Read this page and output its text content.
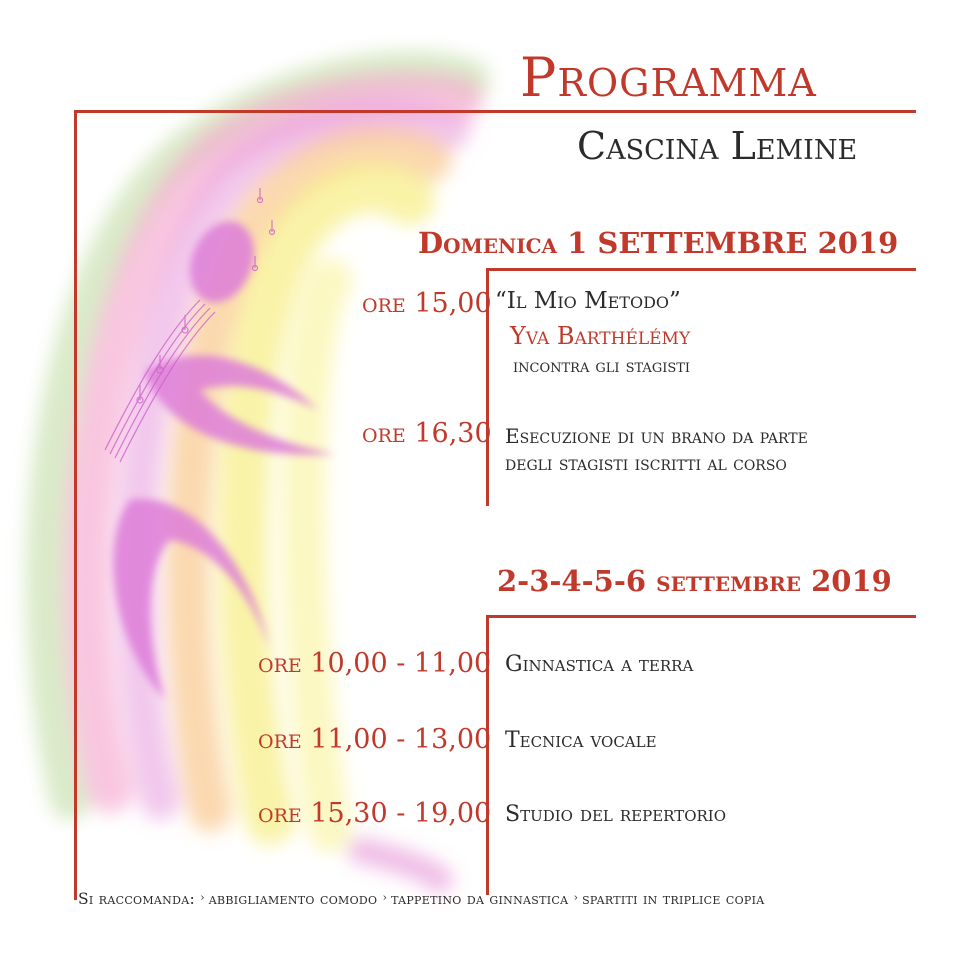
Programma
Cascina Lemine
Domenica 1 SETTEMBRE 2019
ore 15,00 “Il Mio Metodo”
Yva Barthélémy
incontra gli stagisti
ore 16,30 Esecuzione di un brano da parte
degli stagisti iscritti al corso
2-3-4-5-6 settembre 2019
ore 10,00 - 11,00 Ginnastica a terra
ore 11,00 - 13,00 Tecnica vocale
ore 15,30 - 19,00 Studio del repertorio
Si raccomanda: › abbigliamento comodo › tappetino da ginnastica › spartiti in triplice copia
